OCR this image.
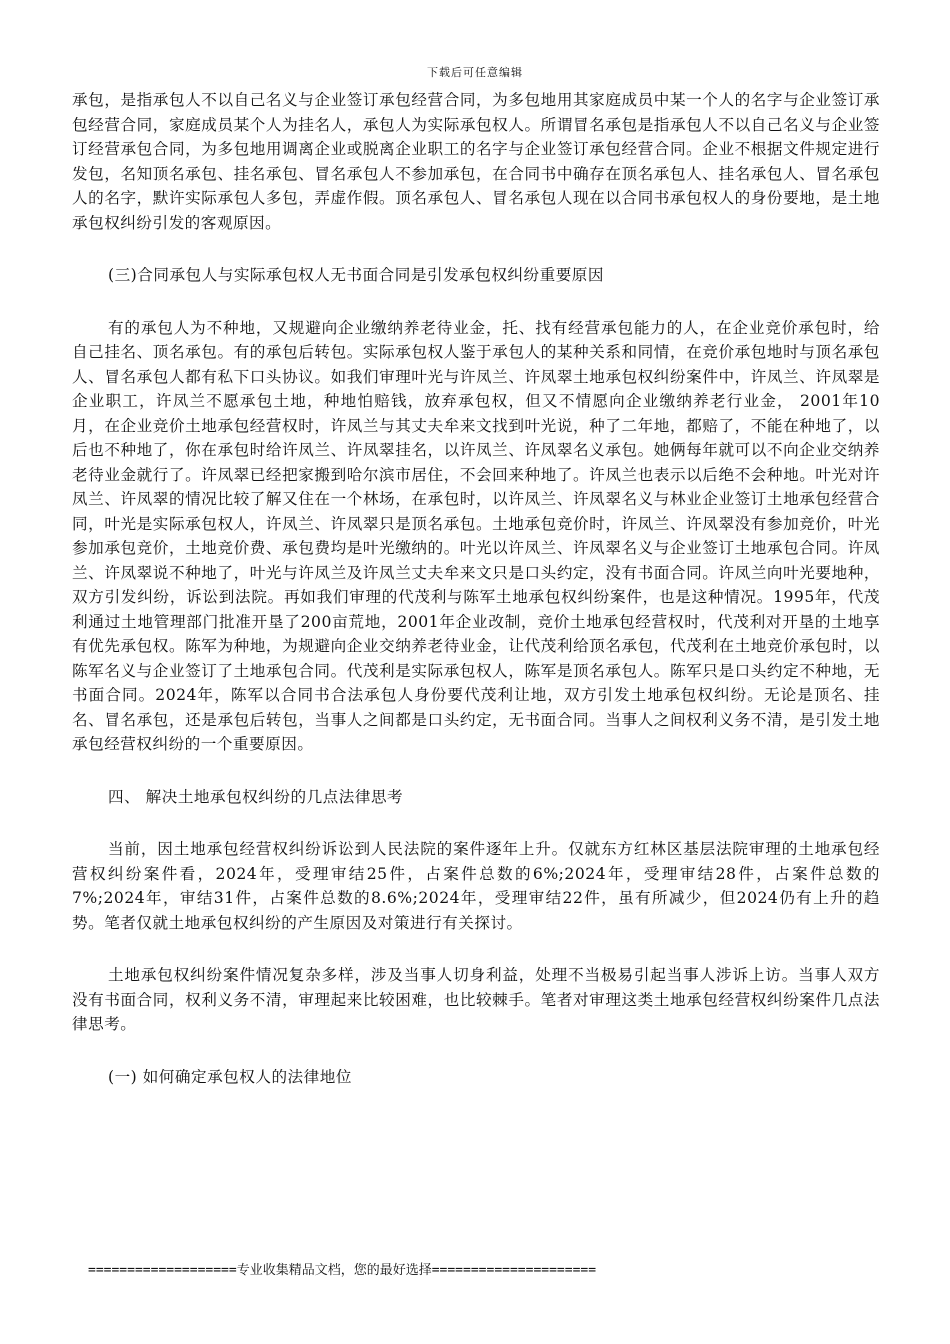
下载后可任意编辑

承包，是指承包人不以自己名义与企业签订承包经营合同，为多包地用其家庭成员中某一个人的名字与企业签订承包经营合同，家庭成员某个人为挂名人，承包人为实际承包权人。所谓冒名承包是指承包人不以自己名义与企业签订经营承包合同，为多包地用调离企业或脱离企业职工的名字与企业签订承包经营合同。企业不根据文件规定进行发包，名知顶名承包、挂名承包、冒名承包人不参加承包，在合同书中确存在顶名承包人、挂名承包人、冒名承包人的名字，默许实际承包人多包，弄虚作假。顶名承包人、冒名承包人现在以合同书承包权人的身份要地，是土地承包权纠纷引发的客观原因。

(三)合同承包人与实际承包权人无书面合同是引发承包权纠纷重要原因

有的承包人为不种地，又规避向企业缴纳养老待业金，托、找有经营承包能力的人，在企业竞价承包时，给自己挂名、顶名承包。有的承包后转包。实际承包权人鉴于承包人的某种关系和同情，在竞价承包地时与顶名承包人、冒名承包人都有私下口头协议。如我们审理叶光与许凤兰、许凤翠土地承包权纠纷案件中，许凤兰、许凤翠是企业职工，许凤兰不愿承包土地，种地怕赔钱，放弃承包权，但又不情愿向企业缴纳养老行业金， 2001年10月，在企业竞价土地承包经营权时，许凤兰与其丈夫牟来文找到叶光说，种了二年地，都赔了，不能在种地了，以后也不种地了，你在承包时给许凤兰、许凤翠挂名，以许凤兰、许凤翠名义承包。她俩每年就可以不向企业交纳养老待业金就行了。许凤翠已经把家搬到哈尔滨市居住，不会回来种地了。许凤兰也表示以后绝不会种地。叶光对许凤兰、许凤翠的情况比较了解又住在一个林场，在承包时，以许凤兰、许凤翠名义与林业企业签订土地承包经营合同，叶光是实际承包权人，许凤兰、许凤翠只是顶名承包。土地承包竞价时，许凤兰、许凤翠没有参加竞价，叶光参加承包竞价，土地竞价费、承包费均是叶光缴纳的。叶光以许凤兰、许凤翠名义与企业签订土地承包合同。许凤兰、许凤翠说不种地了，叶光与许凤兰及许凤兰丈夫牟来文只是口头约定，没有书面合同。许凤兰向叶光要地种，双方引发纠纷，诉讼到法院。再如我们审理的代茂利与陈军土地承包权纠纷案件，也是这种情况。1995年，代茂利通过土地管理部门批准开垦了200亩荒地，2001年企业改制，竞价土地承包经营权时，代茂利对开垦的土地享有优先承包权。陈军为种地，为规避向企业交纳养老待业金，让代茂利给顶名承包，代茂利在土地竞价承包时，以陈军名义与企业签订了土地承包合同。代茂利是实际承包权人，陈军是顶名承包人。陈军只是口头约定不种地，无书面合同。2024年，陈军以合同书合法承包人身份要代茂利让地，双方引发土地承包权纠纷。无论是顶名、挂名、冒名承包，还是承包后转包，当事人之间都是口头约定，无书面合同。当事人之间权利义务不清，是引发土地承包经营权纠纷的一个重要原因。

四、 解决土地承包权纠纷的几点法律思考

当前，因土地承包经营权纠纷诉讼到人民法院的案件逐年上升。仅就东方红林区基层法院审理的土地承包经营权纠纷案件看，2024年，受理审结25件，占案件总数的6%;2024年，受理审结28件，占案件总数的7%;2024年，审结31件，占案件总数的8.6%;2024年，受理审结22件，虽有所减少，但2024仍有上升的趋势。笔者仅就土地承包权纠纷的产生原因及对策进行有关探讨。

土地承包权纠纷案件情况复杂多样，涉及当事人切身利益，处理不当极易引起当事人涉诉上访。当事人双方没有书面合同，权利义务不清，审理起来比较困难，也比较棘手。笔者对审理这类土地承包经营权纠纷案件几点法律思考。

(一) 如何确定承包权人的法律地位

===================专业收集精品文档，您的最好选择=====================
